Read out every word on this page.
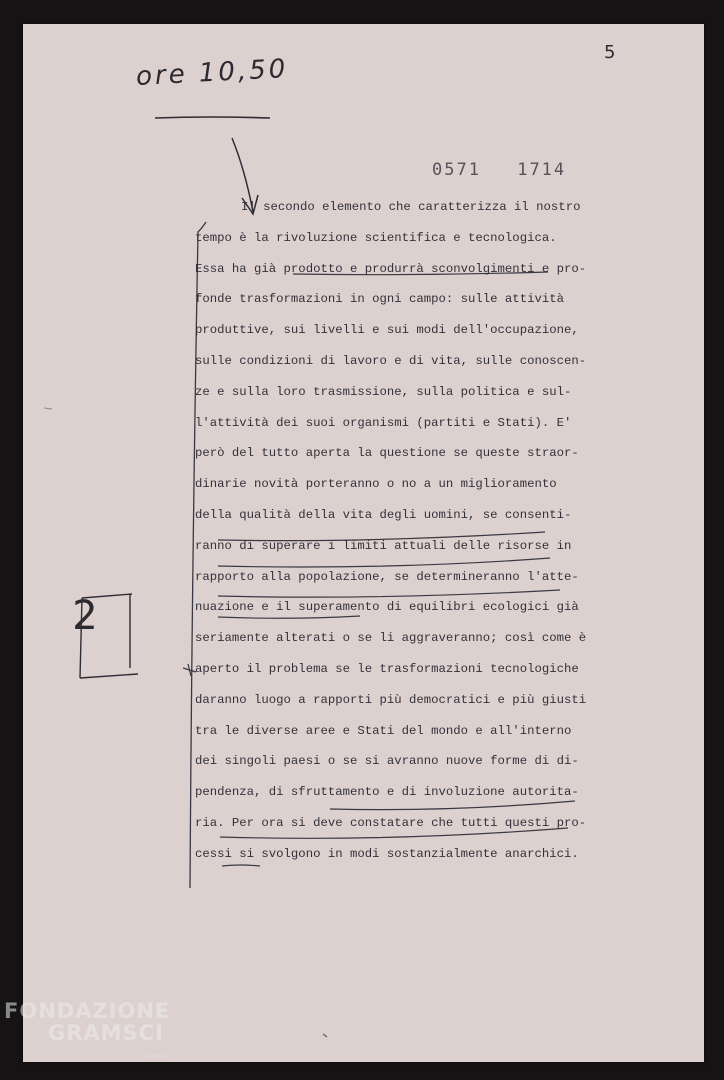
5
ore 10,50
0571 1714
2
Il secondo elemento che caratterizza il nostro
tempo è la rivoluzione scientifica e tecnologica.
Essa ha già prodotto e produrrà sconvolgimenti e pro-
fonde trasformazioni in ogni campo: sulle attività
produttive, sui livelli e sui modi dell'occupazione,
sulle condizioni di lavoro e di vita, sulle conoscen-
ze e sulla loro trasmissione, sulla politica e sul-
l'attività dei suoi organismi (partiti e Stati). E'
però del tutto aperta la questione se queste straor-
dinarie novità porteranno o no a un miglioramento
della qualità della vita degli uomini, se consenti-
ranno di superare i limiti attuali delle risorse in
rapporto alla popolazione, se determineranno l'atte-
nuazione e il superamento di equilibri ecologici già
seriamente alterati o se li aggraveranno; così come è
aperto il problema se le trasformazioni tecnologiche
daranno luogo a rapporti più democratici e più giusti
tra le diverse aree e Stati del mondo e all'interno
dei singoli paesi o se si avranno nuove forme di di-
pendenza, di sfruttamento e di involuzione autorita-
ria. Per ora si deve constatare che tutti questi pro-
cessi si svolgono in modi sostanzialmente anarchici.
FONDAZIONE
GRAMSCI
onlus
